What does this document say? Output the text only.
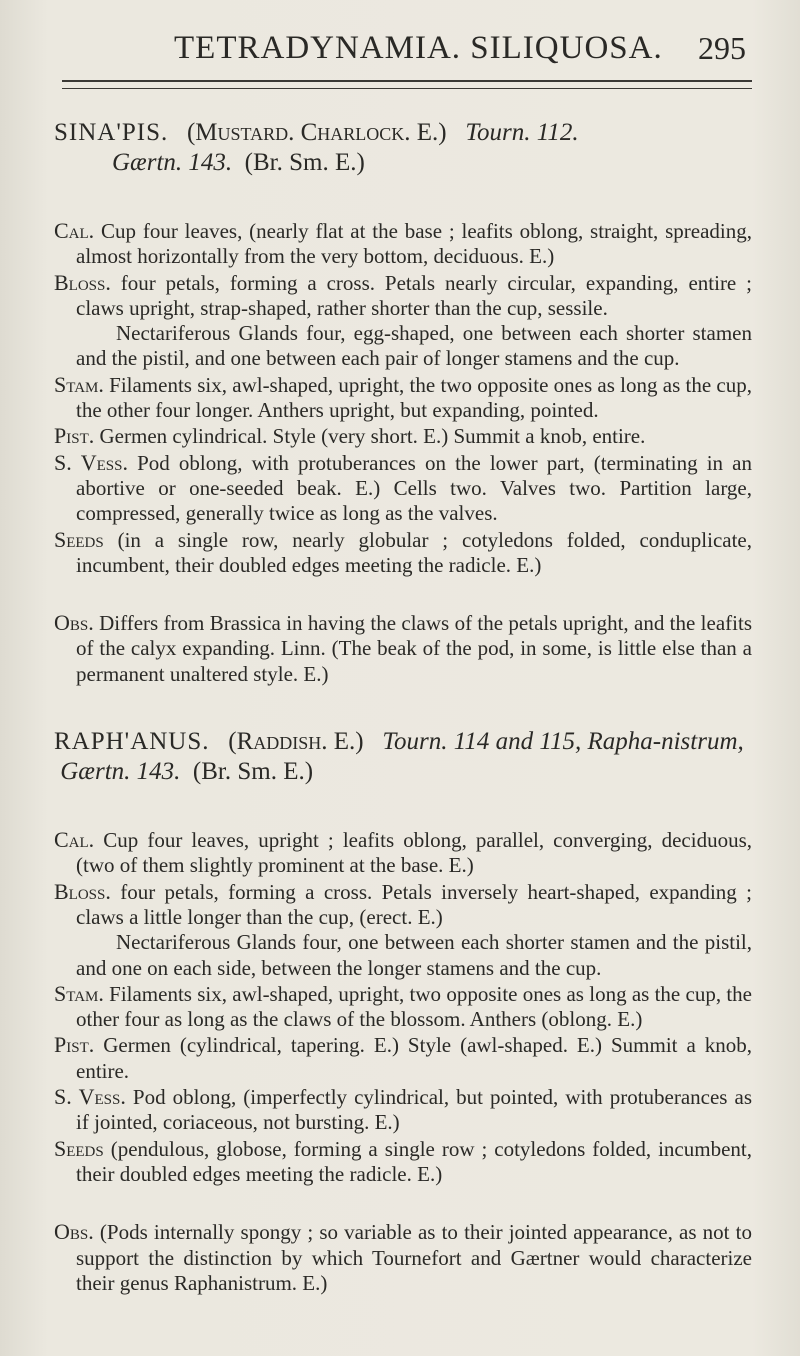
TETRADYNAMIA. SILIQUOSA. 295
SINA'PIS. (Mustard. Charlock. E.) Tourn. 112.
Gærtn. 143. (Br. Sm. E.)

Cal. Cup four leaves, (nearly flat at the base ; leafits oblong, straight, spreading, almost horizontally from the very bottom, deciduous. E.)

Bloss. four petals, forming a cross. Petals nearly circular, expanding, entire ; claws upright, strap-shaped, rather shorter than the cup, sessile.

Nectariferous Glands four, egg-shaped, one between each shorter stamen and the pistil, and one between each pair of longer stamens and the cup.

Stam. Filaments six, awl-shaped, upright, the two opposite ones as long as the cup, the other four longer. Anthers upright, but expanding, pointed.

Pist. Germen cylindrical. Style (very short. E.) Summit a knob, entire.

S. Vess. Pod oblong, with protuberances on the lower part, (terminating in an abortive or one-seeded beak. E.) Cells two. Valves two. Partition large, compressed, generally twice as long as the valves.

Seeds (in a single row, nearly globular ; cotyledons folded, conduplicate, incumbent, their doubled edges meeting the radicle. E.)

Obs. Differs from Brassica in having the claws of the petals upright, and the leafits of the calyx expanding. Linn. (The beak of the pod, in some, is little else than a permanent unaltered style. E.)

RAPH'ANUS. (Raddish. E.) Tourn. 114 and 115, Rapha-nistrum,  Gærtn. 143. (Br. Sm. E.)

Cal. Cup four leaves, upright ; leafits oblong, parallel, converging, deciduous, (two of them slightly prominent at the base. E.)

Bloss. four petals, forming a cross. Petals inversely heart-shaped, expanding ; claws a little longer than the cup, (erect. E.)

Nectariferous Glands four, one between each shorter stamen and the pistil, and one on each side, between the longer stamens and the cup.

Stam. Filaments six, awl-shaped, upright, two opposite ones as long as the cup, the other four as long as the claws of the blossom. Anthers (oblong. E.)

Pist. Germen (cylindrical, tapering. E.) Style (awl-shaped. E.) Summit a knob, entire.

S. Vess. Pod oblong, (imperfectly cylindrical, but pointed, with protuberances as if jointed, coriaceous, not bursting. E.)

Seeds (pendulous, globose, forming a single row ; cotyledons folded, incumbent, their doubled edges meeting the radicle. E.)

Obs. (Pods internally spongy ; so variable as to their jointed appearance, as not to support the distinction by which Tournefort and Gærtner would characterize their genus Raphanistrum. E.)
